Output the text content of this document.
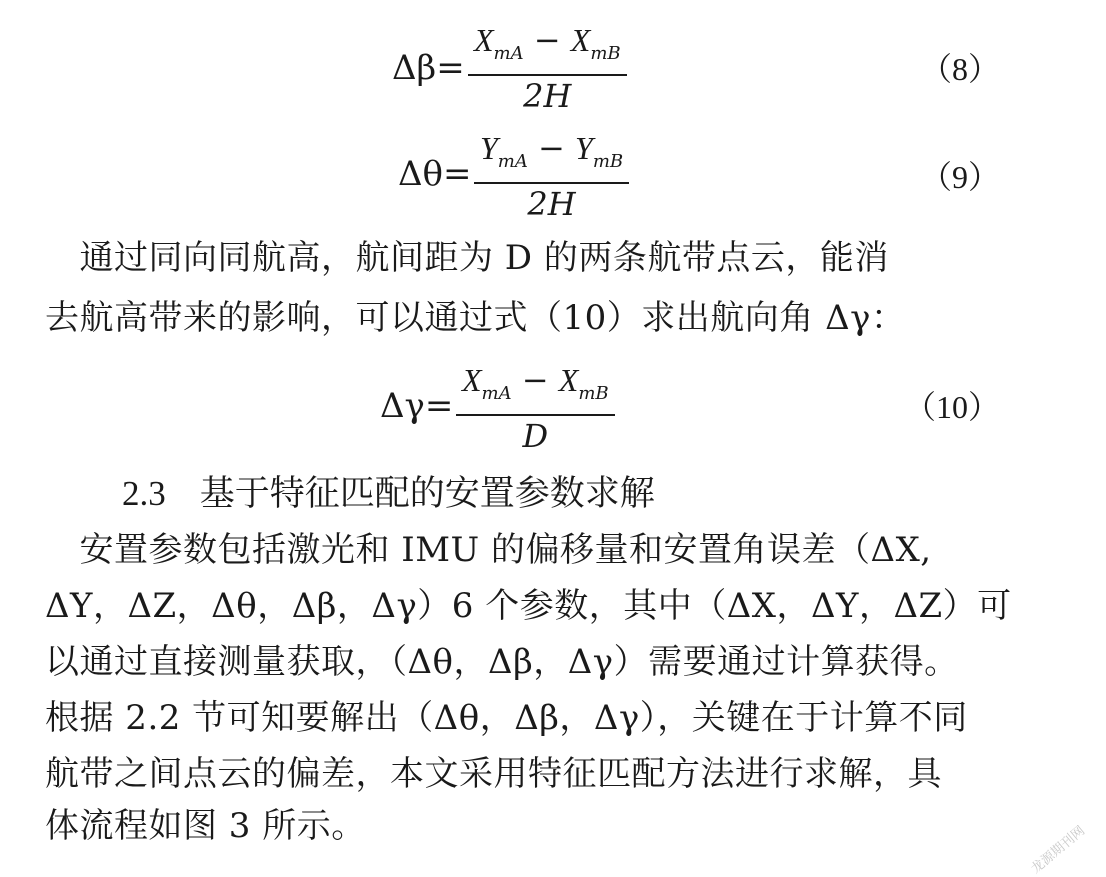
Δβ=
$X_{mA} - X_{mB}$
2H
（8）
Δθ=
$Y_{mA} - Y_{mB}$
2H
（9）
　通过同向同航高，航间距为 D 的两条航带点云，能消
去航高带来的影响，可以通过式（10）求出航向角 Δγ：
Δγ=
$X_{mA} - X_{mB}$
D
（10）
2.3 基于特征匹配的安置参数求解
　安置参数包括激光和 IMU 的偏移量和安置角误差（ΔX,
ΔY，ΔZ，Δθ，Δβ，Δγ）6 个参数，其中（ΔX，ΔY，ΔZ）可
以通过直接测量获取，（Δθ，Δβ，Δγ）需要通过计算获得。
根据 2.2 节可知要解出（Δθ，Δβ，Δγ），关键在于计算不同
航带之间点云的偏差，本文采用特征匹配方法进行求解，具
体流程如图 3 所示。	龙源期刊网
